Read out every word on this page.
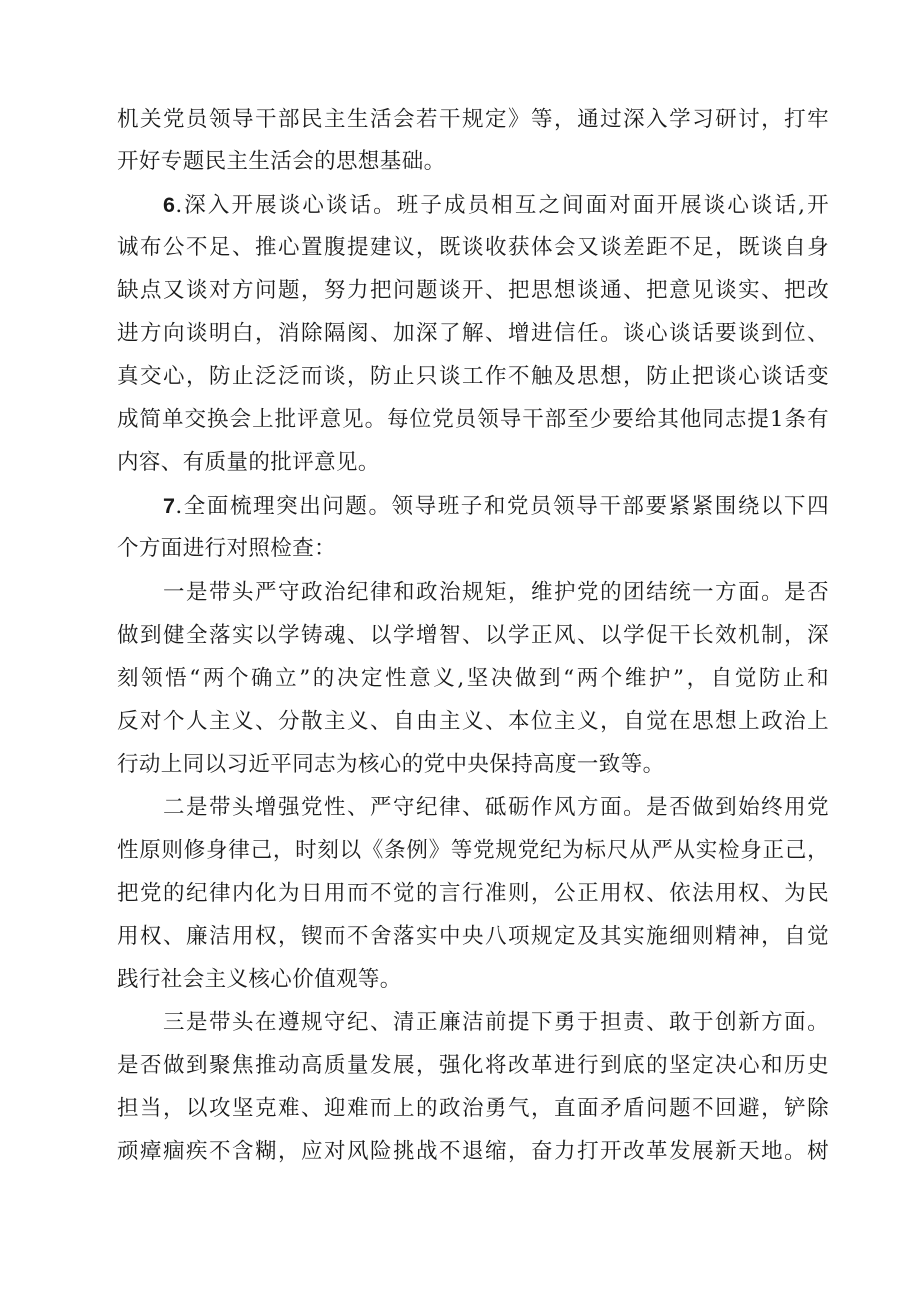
机关党员领导干部民主生活会若干规定》等，通过深入学习研讨，打牢
开好专题民主生活会的思想基础。
6.深入开展谈心谈话。班子成员相互之间面对面开展谈心谈话,开
诚布公不足、推心置腹提建议，既谈收获体会又谈差距不足，既谈自身
缺点又谈对方问题，努力把问题谈开、把思想谈通、把意见谈实、把改
进方向谈明白，消除隔阂、加深了解、增进信任。谈心谈话要谈到位、
真交心，防止泛泛而谈，防止只谈工作不触及思想，防止把谈心谈话变
成简单交换会上批评意见。每位党员领导干部至少要给其他同志提1条有
内容、有质量的批评意见。
7.全面梳理突出问题。领导班子和党员领导干部要紧紧围绕以下四
个方面进行对照检查：
一是带头严守政治纪律和政治规矩，维护党的团结统一方面。是否
做到健全落实以学铸魂、以学增智、以学正风、以学促干长效机制，深
刻领悟“两个确立”的决定性意义,坚决做到“两个维护”，自觉防止和
反对个人主义、分散主义、自由主义、本位主义，自觉在思想上政治上
行动上同以习近平同志为核心的党中央保持高度一致等。
二是带头增强党性、严守纪律、砥砺作风方面。是否做到始终用党
性原则修身律己，时刻以《条例》等党规党纪为标尺从严从实检身正己，
把党的纪律内化为日用而不觉的言行准则，公正用权、依法用权、为民
用权、廉洁用权，锲而不舍落实中央八项规定及其实施细则精神，自觉
践行社会主义核心价值观等。
三是带头在遵规守纪、清正廉洁前提下勇于担责、敢于创新方面。
是否做到聚焦推动高质量发展，强化将改革进行到底的坚定决心和历史
担当，以攻坚克难、迎难而上的政治勇气，直面矛盾问题不回避，铲除
顽瘴痼疾不含糊，应对风险挑战不退缩，奋力打开改革发展新天地。树
